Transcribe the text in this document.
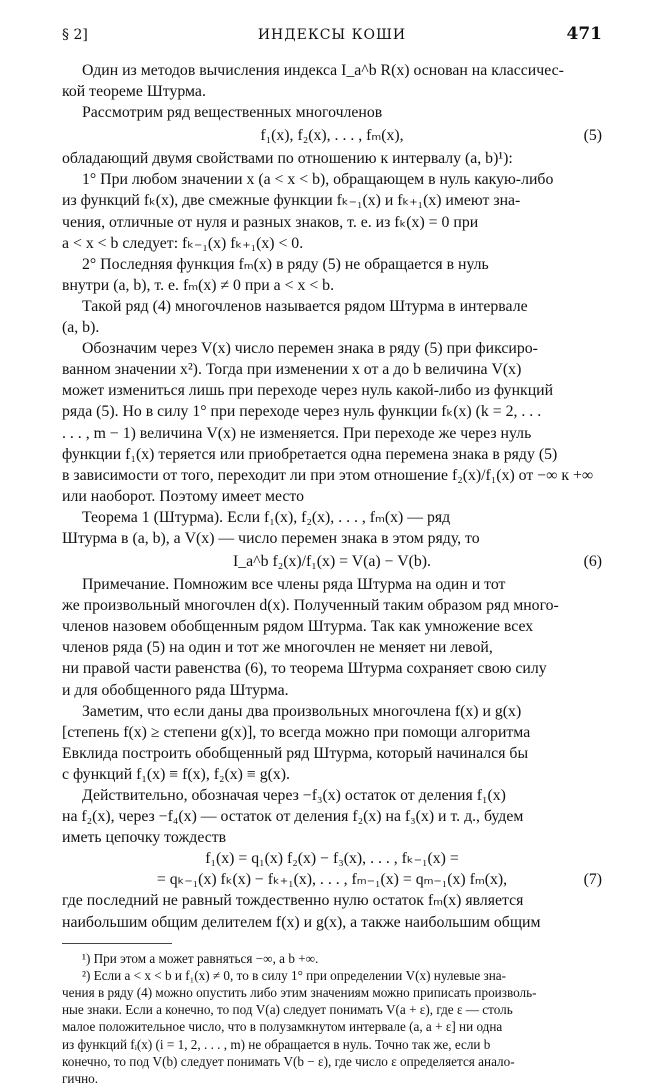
§ 2]	ИНДЕКСЫ КОШИ	471
Один из методов вычисления индекса I_a^b R(x) основан на классичес-
кой теореме Штурма.
Рассмотрим ряд вещественных многочленов
f₁(x), f₂(x), . . . , fₘ(x),	(5)
обладающий двумя свойствами по отношению к интервалу (a, b)¹):
1° При любом значении x (a < x < b), обращающем в нуль какую-либо
из функций fₖ(x), две смежные функции fₖ₋₁(x) и fₖ₊₁(x) имеют зна-
чения, отличные от нуля и разных знаков, т. е. из fₖ(x) = 0 при
a < x < b следует: fₖ₋₁(x) fₖ₊₁(x) < 0.
2° Последняя функция fₘ(x) в ряду (5) не обращается в нуль
внутри (a, b), т. е. fₘ(x) ≠ 0 при a < x < b.
Такой ряд (4) многочленов называется рядом Штурма в интервале
(a, b).
Обозначим через V(x) число перемен знака в ряду (5) при фиксиро-
ванном значении x²). Тогда при изменении x от a до b величина V(x)
может измениться лишь при переходе через нуль какой-либо из функций
ряда (5). Но в силу 1° при переходе через нуль функции fₖ(x) (k = 2, . . .
. . . , m − 1) величина V(x) не изменяется. При переходе же через нуль
функции f₁(x) теряется или приобретается одна перемена знака в ряду (5)
в зависимости от того, переходит ли при этом отношение f₂(x)/f₁(x) от −∞ к +∞
или наоборот. Поэтому имеет место
Теорема 1 (Штурма). Если f₁(x), f₂(x), . . . , fₘ(x) — ряд
Штурма в (a, b), а V(x) — число перемен знака в этом ряду, то
I_a^b f₂(x)/f₁(x) = V(a) − V(b).	(6)
Примечание. Помножим все члены ряда Штурма на один и тот
же произвольный многочлен d(x). Полученный таким образом ряд много-
членов назовем обобщенным рядом Штурма. Так как умножение всех
членов ряда (5) на один и тот же многочлен не меняет ни левой,
ни правой части равенства (6), то теорема Штурма сохраняет свою силу
и для обобщенного ряда Штурма.
Заметим, что если даны два произвольных многочлена f(x) и g(x)
[степень f(x) ≥ степени g(x)], то всегда можно при помощи алгоритма
Евклида построить обобщенный ряд Штурма, который начинался бы
с функций f₁(x) ≡ f(x), f₂(x) ≡ g(x).
Действительно, обозначая через −f₃(x) остаток от деления f₁(x)
на f₂(x), через −f₄(x) — остаток от деления f₂(x) на f₃(x) и т. д., будем
иметь цепочку тождеств
f₁(x) = q₁(x) f₂(x) − f₃(x), . . . , fₖ₋₁(x) =
= qₖ₋₁(x) fₖ(x) − fₖ₊₁(x), . . . , fₘ₋₁(x) = qₘ₋₁(x) fₘ(x),	(7)
где последний не равный тождественно нулю остаток fₘ(x) является
наибольшим общим делителем f(x) и g(x), а также наибольшим общим
¹) При этом a может равняться −∞, a b +∞.
²) Если a < x < b и f₁(x) ≠ 0, то в силу 1° при определении V(x) нулевые зна-
чения в ряду (4) можно опустить либо этим значениям можно приписать произволь-
ные знаки. Если a конечно, то под V(a) следует понимать V(a + ε), где ε — столь
малое положительное число, что в полузамкнутом интервале (a, a + ε] ни одна
из функций fᵢ(x) (i = 1, 2, . . . , m) не обращается в нуль. Точно так же, если b
конечно, то под V(b) следует понимать V(b − ε), где число ε определяется анало-
гично.
